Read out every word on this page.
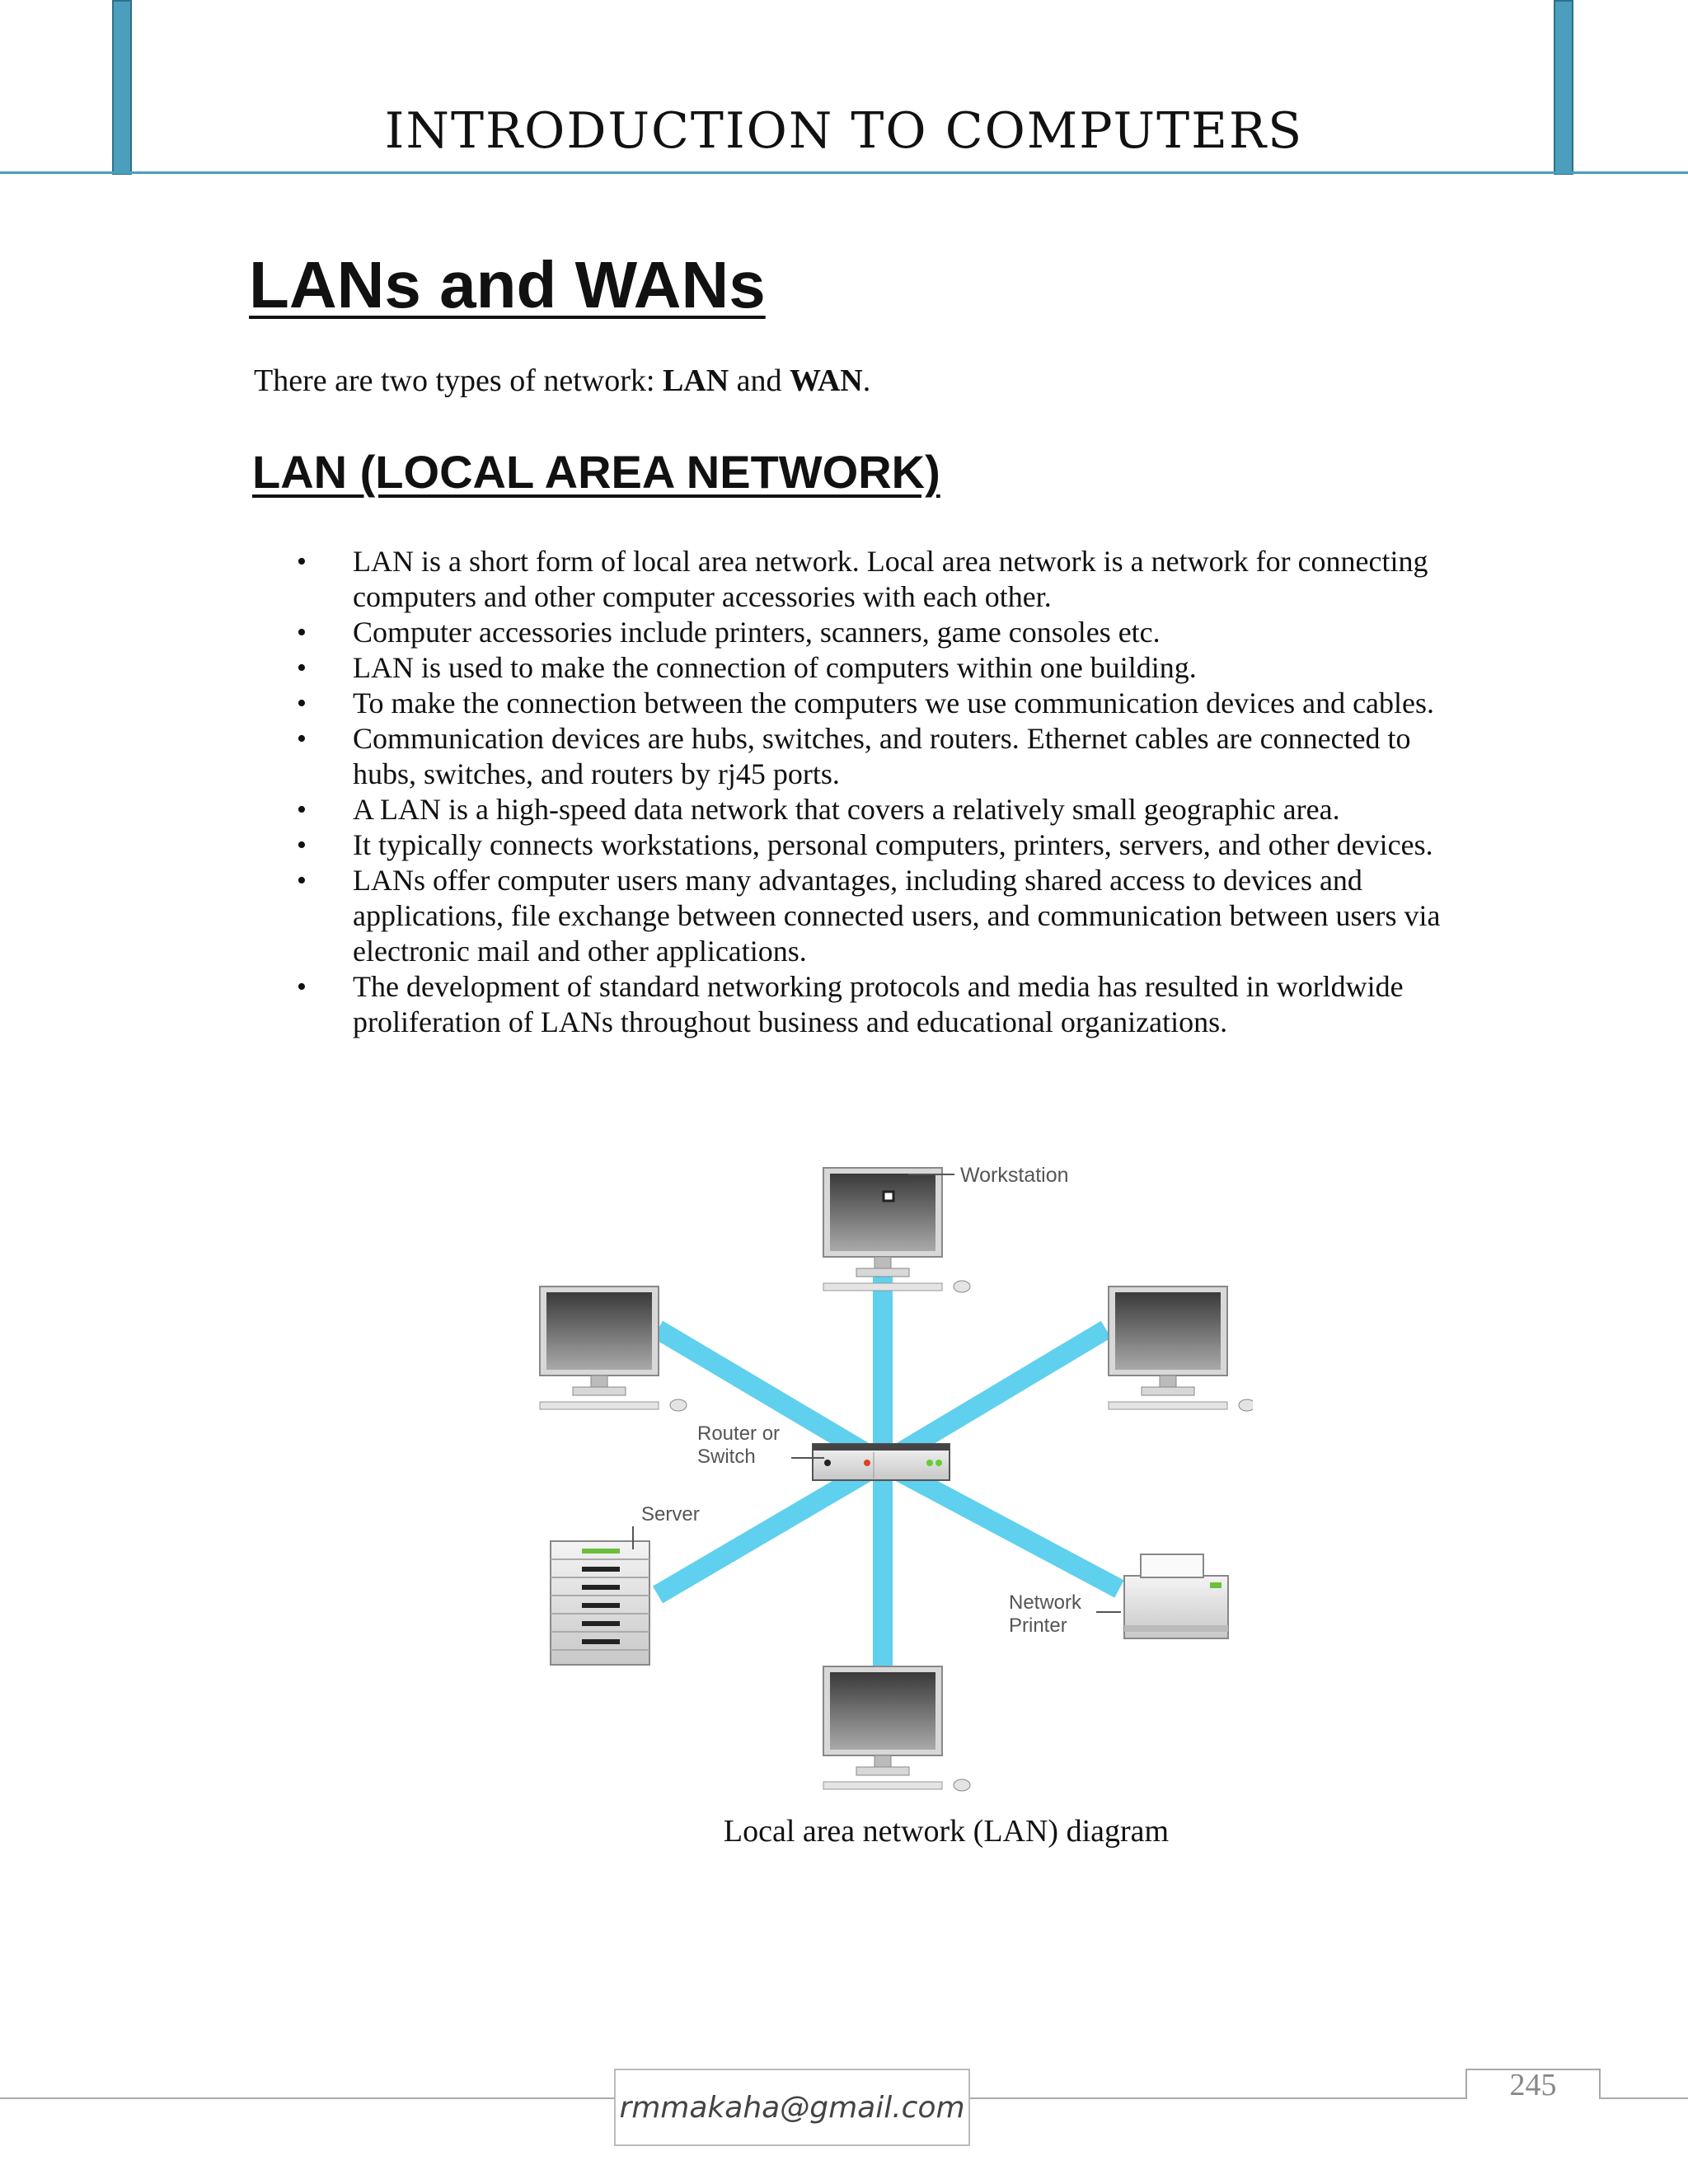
INTRODUCTION TO COMPUTERS
LANs and WANs

There are two types of network: LAN and WAN.

LAN (LOCAL AREA NETWORK)
• LAN is a short form of local area network. Local area network is a network for connecting computers and other computer accessories with each other.
• Computer accessories include printers, scanners, game consoles etc.
• LAN is used to make the connection of computers within one building.
• To make the connection between the computers we use communication devices and cables.
• Communication devices are hubs, switches, and routers. Ethernet cables are connected to hubs, switches, and routers by rj45 ports.
• A LAN is a high-speed data network that covers a relatively small geographic area.
• It typically connects workstations, personal computers, printers, servers, and other devices.
• LANs offer computer users many advantages, including shared access to devices and applications, file exchange between connected users, and communication between users via electronic mail and other applications.
• The development of standard networking protocols and media has resulted in worldwide proliferation of LANs throughout business and educational organizations.
Workstation
Router or
Switch
Server
Network
Printer
Local area network (LAN) diagram
rmmakaha@gmail.com
245
